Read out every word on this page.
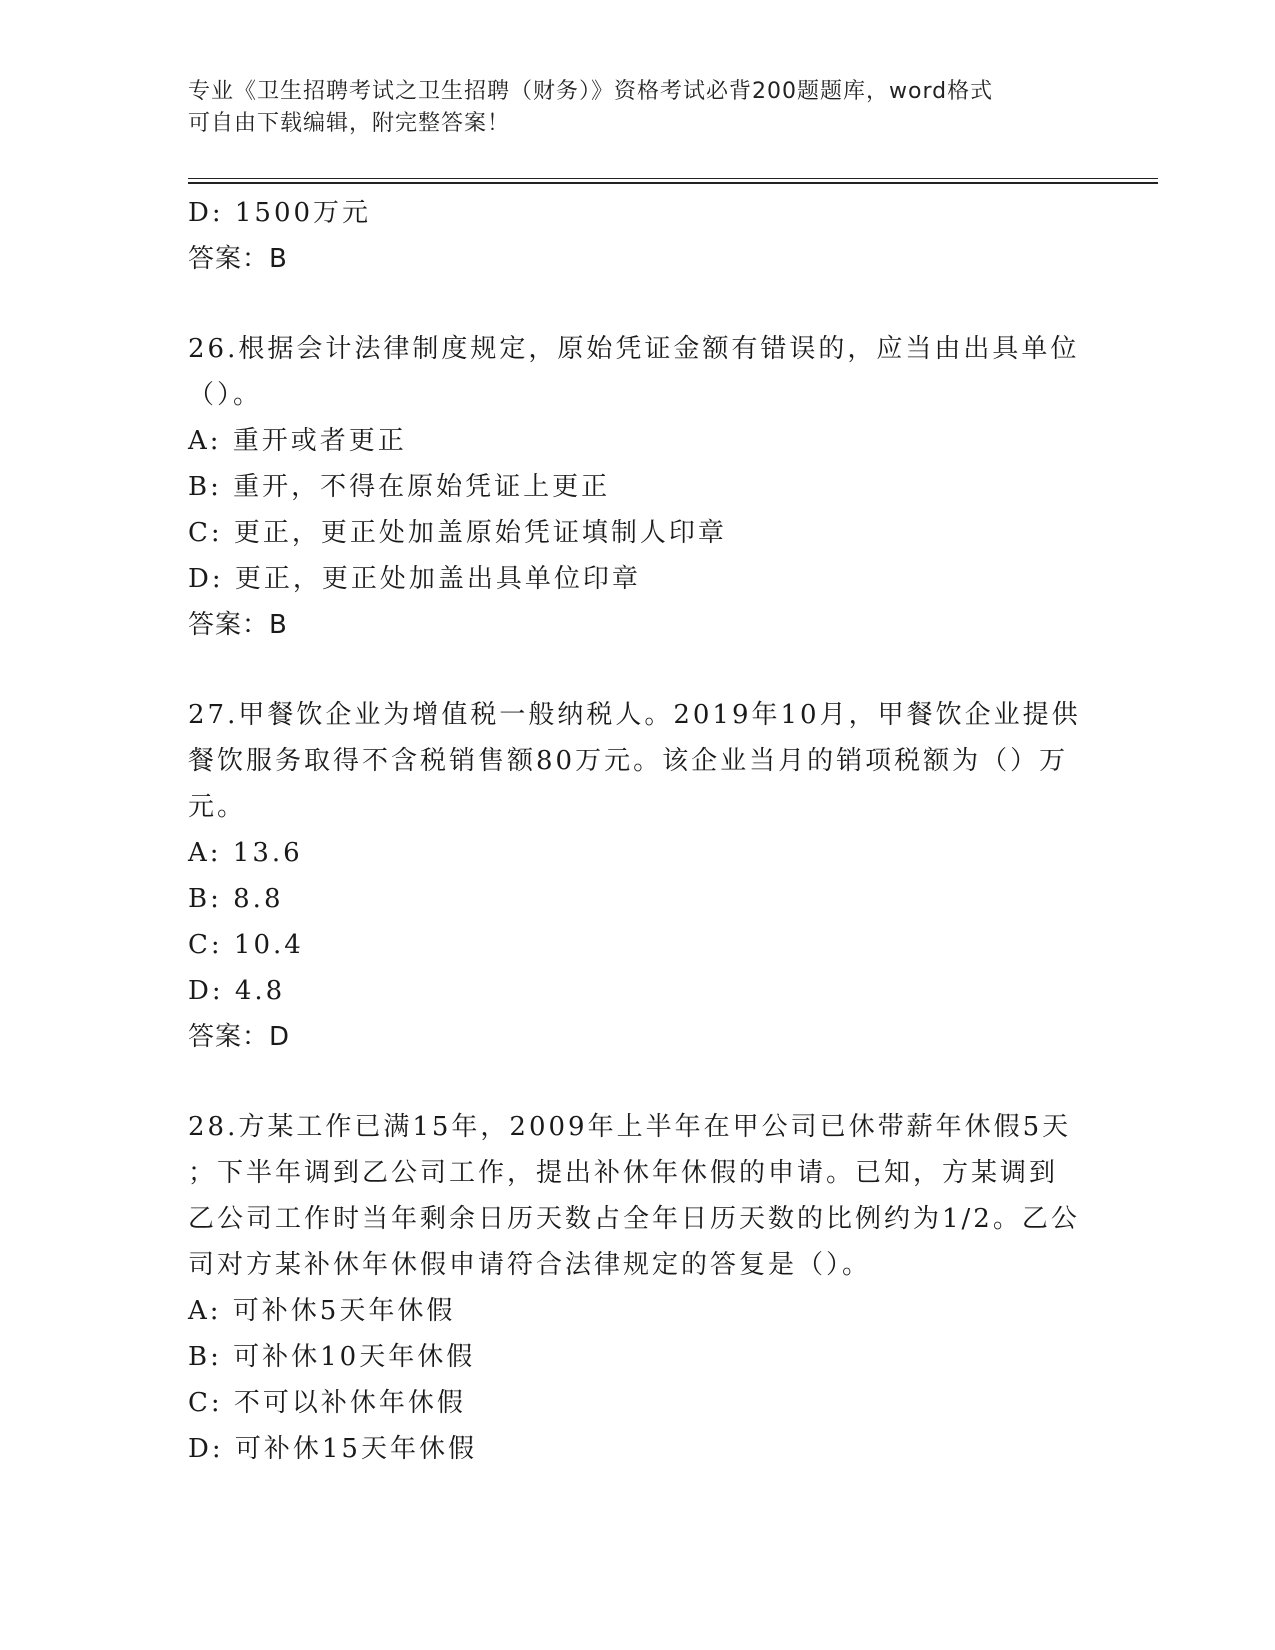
专业《卫生招聘考试之卫生招聘（财务）》资格考试必背200题题库，word格式
可自由下载编辑，附完整答案！
D: 1500万元
答案：B
26.根据会计法律制度规定，原始凭证金额有错误的，应当由出具单位
（）。
A: 重开或者更正
B: 重开，不得在原始凭证上更正
C: 更正，更正处加盖原始凭证填制人印章
D: 更正，更正处加盖出具单位印章
答案：B
27.甲餐饮企业为增值税一般纳税人。2019年10月，甲餐饮企业提供
餐饮服务取得不含税销售额80万元。该企业当月的销项税额为（）万
元。
A: 13.6
B: 8.8
C: 10.4
D: 4.8
答案：D
28.方某工作已满15年，2009年上半年在甲公司已休带薪年休假5天
；下半年调到乙公司工作，提出补休年休假的申请。已知，方某调到
乙公司工作时当年剩余日历天数占全年日历天数的比例约为1/2。乙公
司对方某补休年休假申请符合法律规定的答复是（）。
A: 可补休5天年休假
B: 可补休10天年休假
C: 不可以补休年休假
D: 可补休15天年休假
